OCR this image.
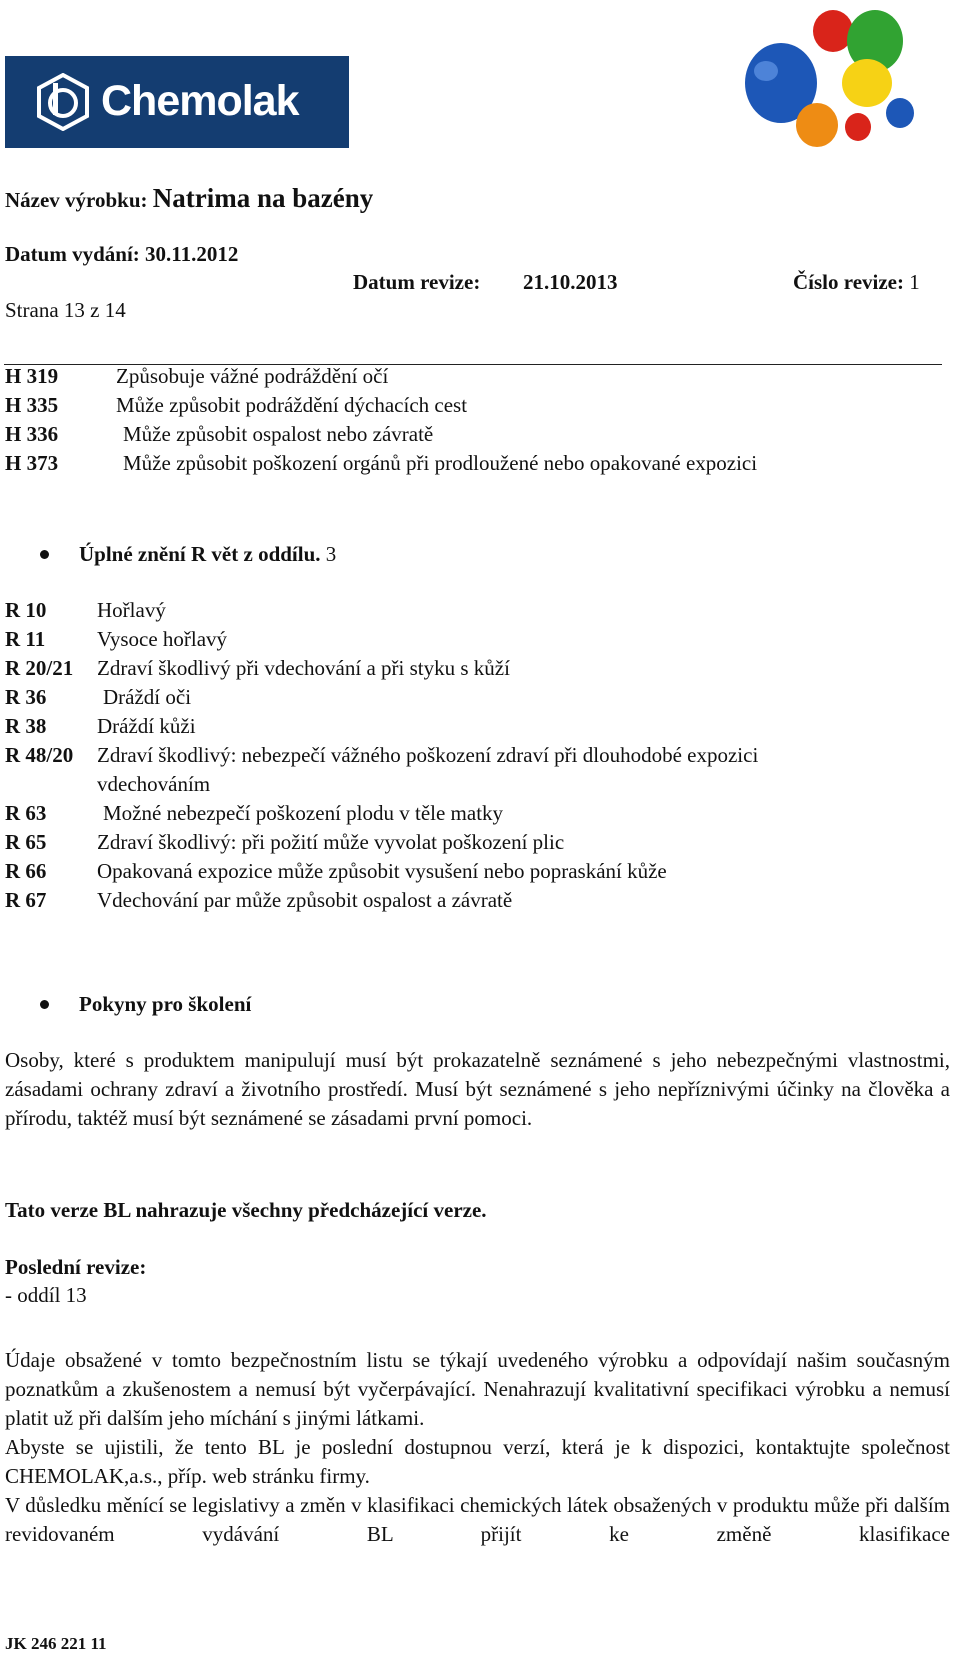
Chemolak
Název výrobku: Natrima na bazény
Datum vydání: 30.11.2012
Datum revize: 21.10.2013	Číslo revize: 1
Strana 13 z 14
H 319	Způsobuje vážné podráždění očí
H 335	Může způsobit podráždění dýchacích cest
H 336	Může způsobit ospalost nebo závratě
H 373	Může způsobit poškození orgánů při prodloužené nebo opakované expozici
Úplné znění R vět z oddílu. 3
R 10 Hořlavý
R 11 Vysoce hořlavý
R 20/21 Zdraví škodlivý při vdechování a při styku s kůží
R 36	Dráždí oči
R 38 Dráždí kůži
R 48/20 Zdraví škodlivý: nebezpečí vážného poškození zdraví při dlouhodobé expozici
vdechováním
R 63	Možné nebezpečí poškození plodu v těle matky
R 65 Zdraví škodlivý: při požití může vyvolat poškození plic
R 66 Opakovaná expozice může způsobit vysušení nebo popraskání kůže
R 67 Vdechování par může způsobit ospalost a závratě
Pokyny pro školení
Osoby, které s produktem manipulují musí být prokazatelně seznámené s jeho nebezpečnými vlastnostmi, zásadami ochrany zdraví a životního prostředí. Musí být seznámené s jeho nepříznivými účinky na člověka a přírodu, taktéž musí být seznámené se zásadami první pomoci.
Tato verze BL nahrazuje všechny předcházející verze.
Poslední revize:
- oddíl 13
Údaje obsažené v tomto bezpečnostním listu se týkají uvedeného výrobku a odpovídají našim současným poznatkům a zkušenostem a nemusí být vyčerpávající. Nenahrazují kvalitativní specifikaci výrobku a nemusí platit už při dalším jeho míchání s jinými látkami.
Abyste se ujistili, že tento BL je poslední dostupnou verzí, která je k dispozici, kontaktujte společnost CHEMOLAK,a.s., příp. web stránku firmy.
V důsledku měnící se legislativy a změn v klasifikaci chemických látek obsažených v produktu může při dalším revidovaném vydávání BL přijít ke změně klasifikace
JK 246 221 11
